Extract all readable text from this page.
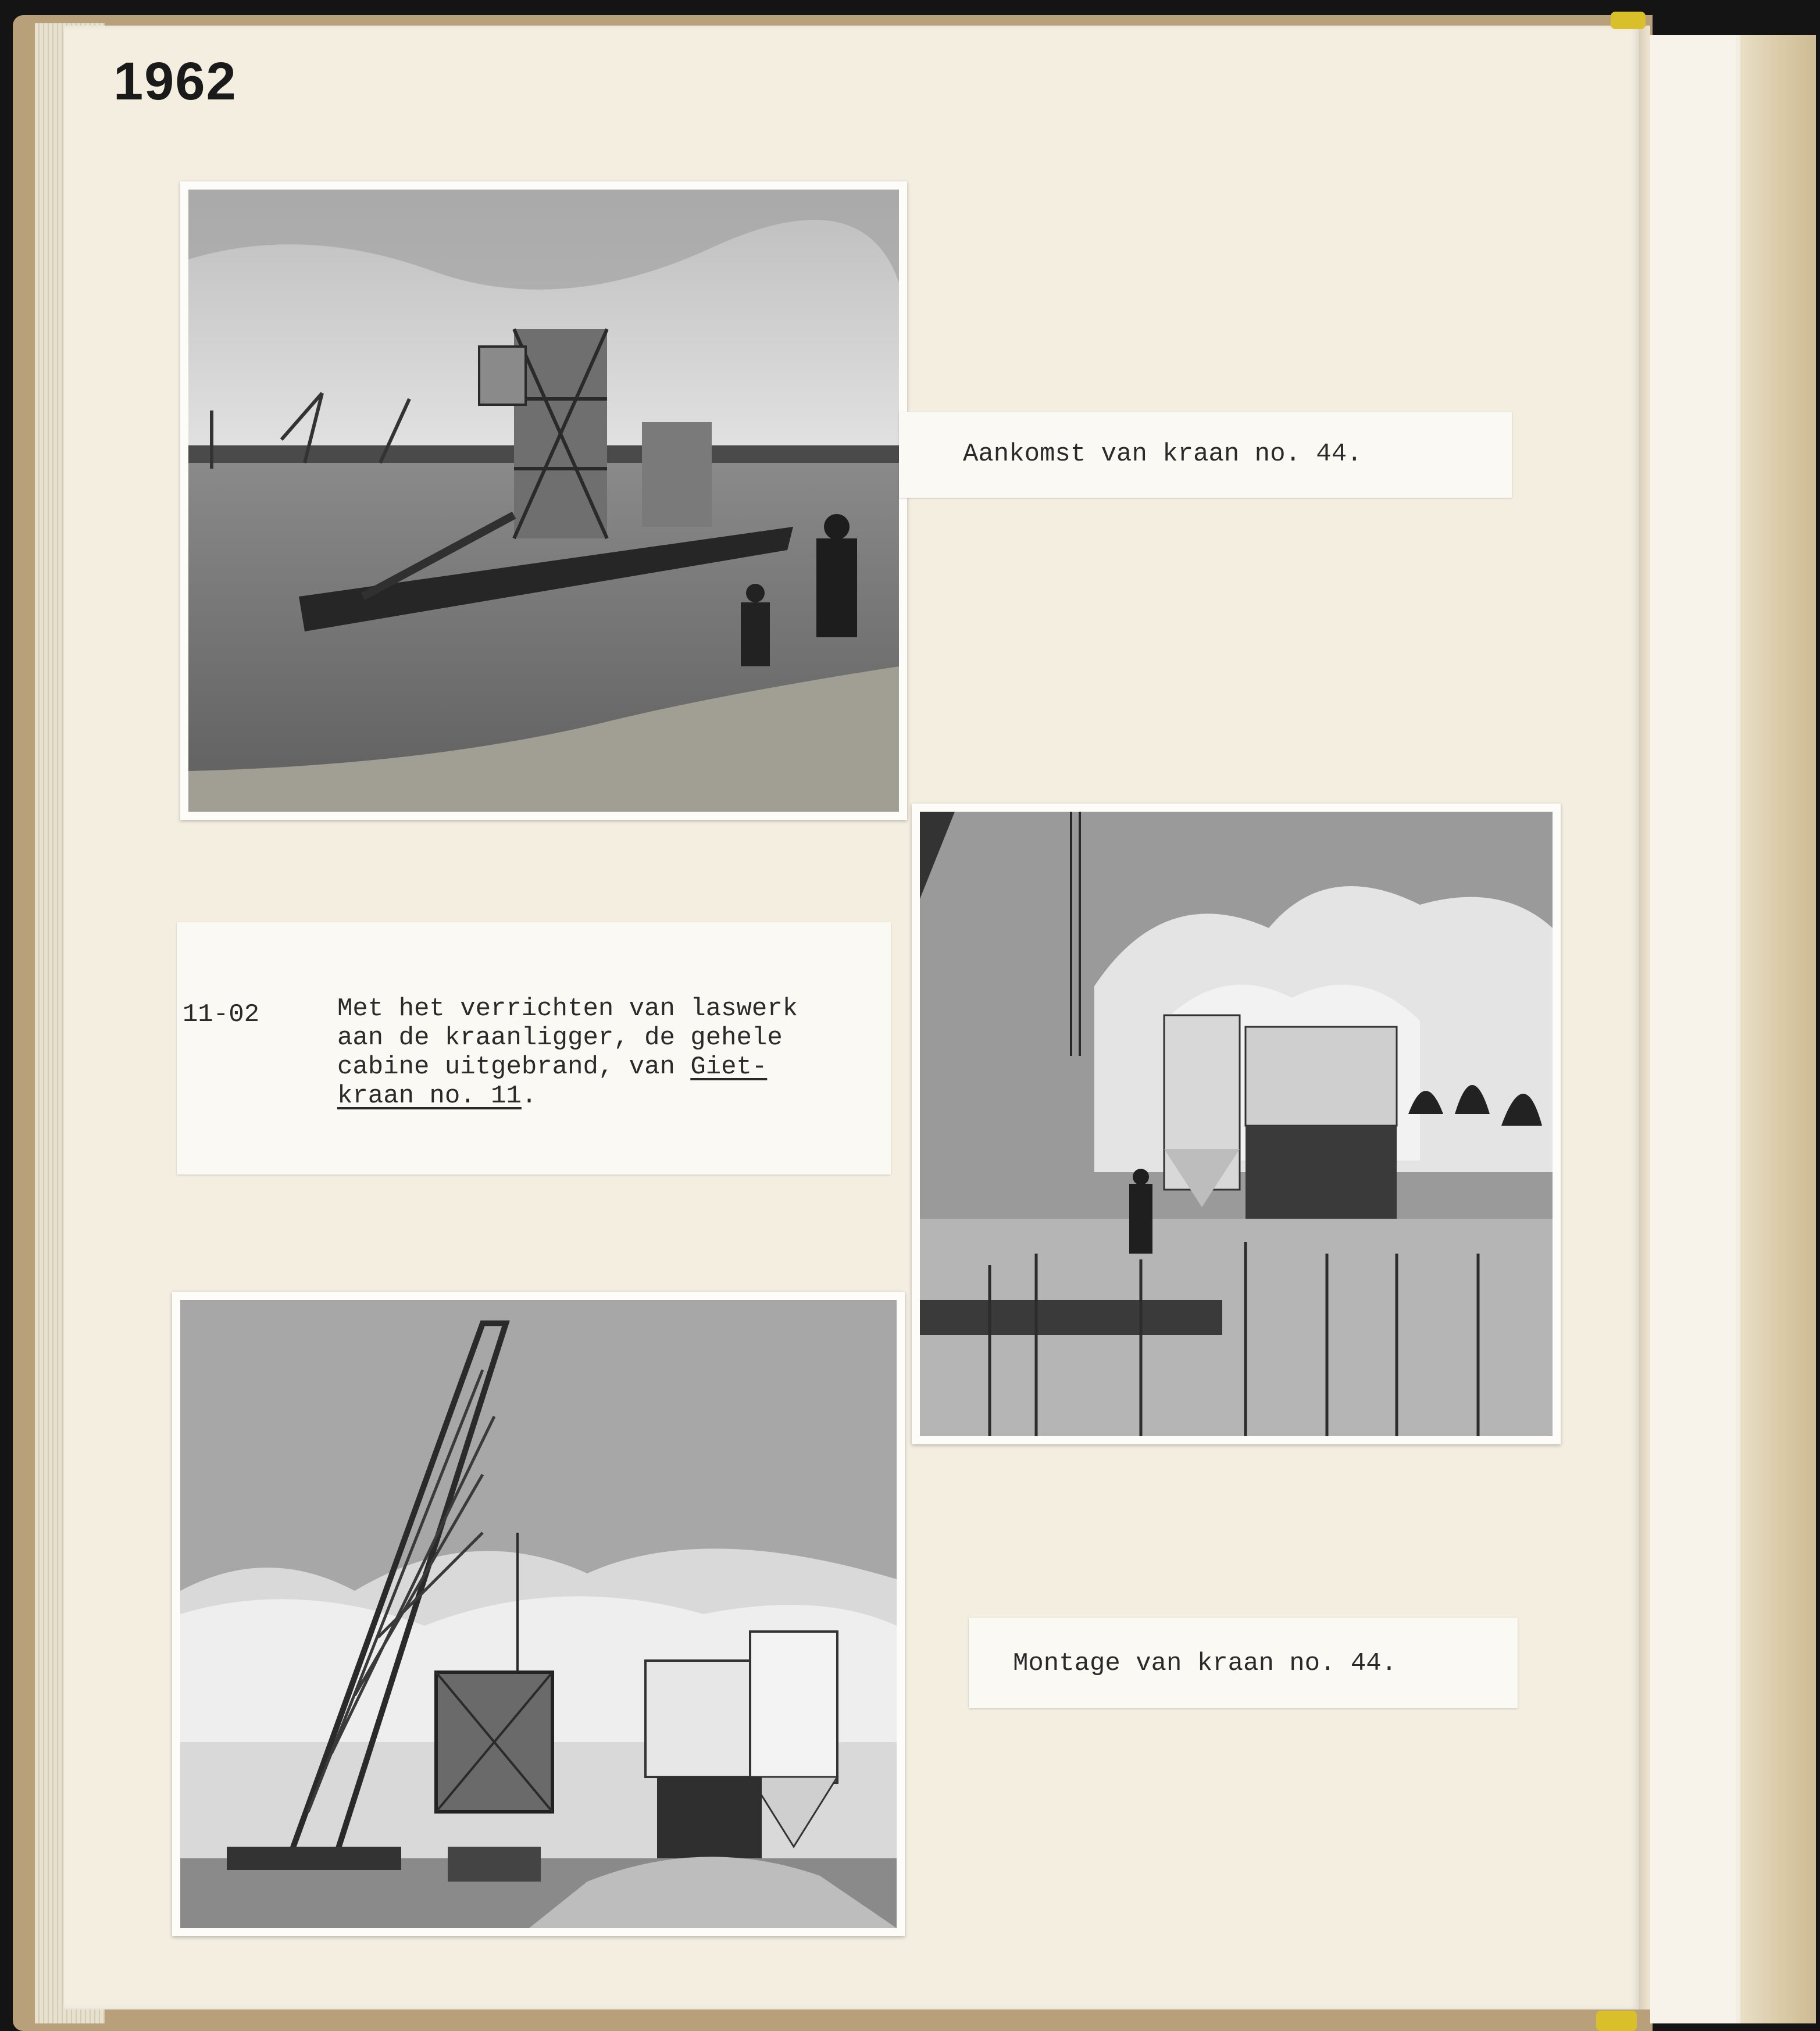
1962
Aankomst van kraan no. 44.
11-02	Met het verrichten van laswerk
aan de kraanligger, de gehele
cabine uitgebrand, van Giet-
kraan no. 11.
Montage van kraan no. 44.
